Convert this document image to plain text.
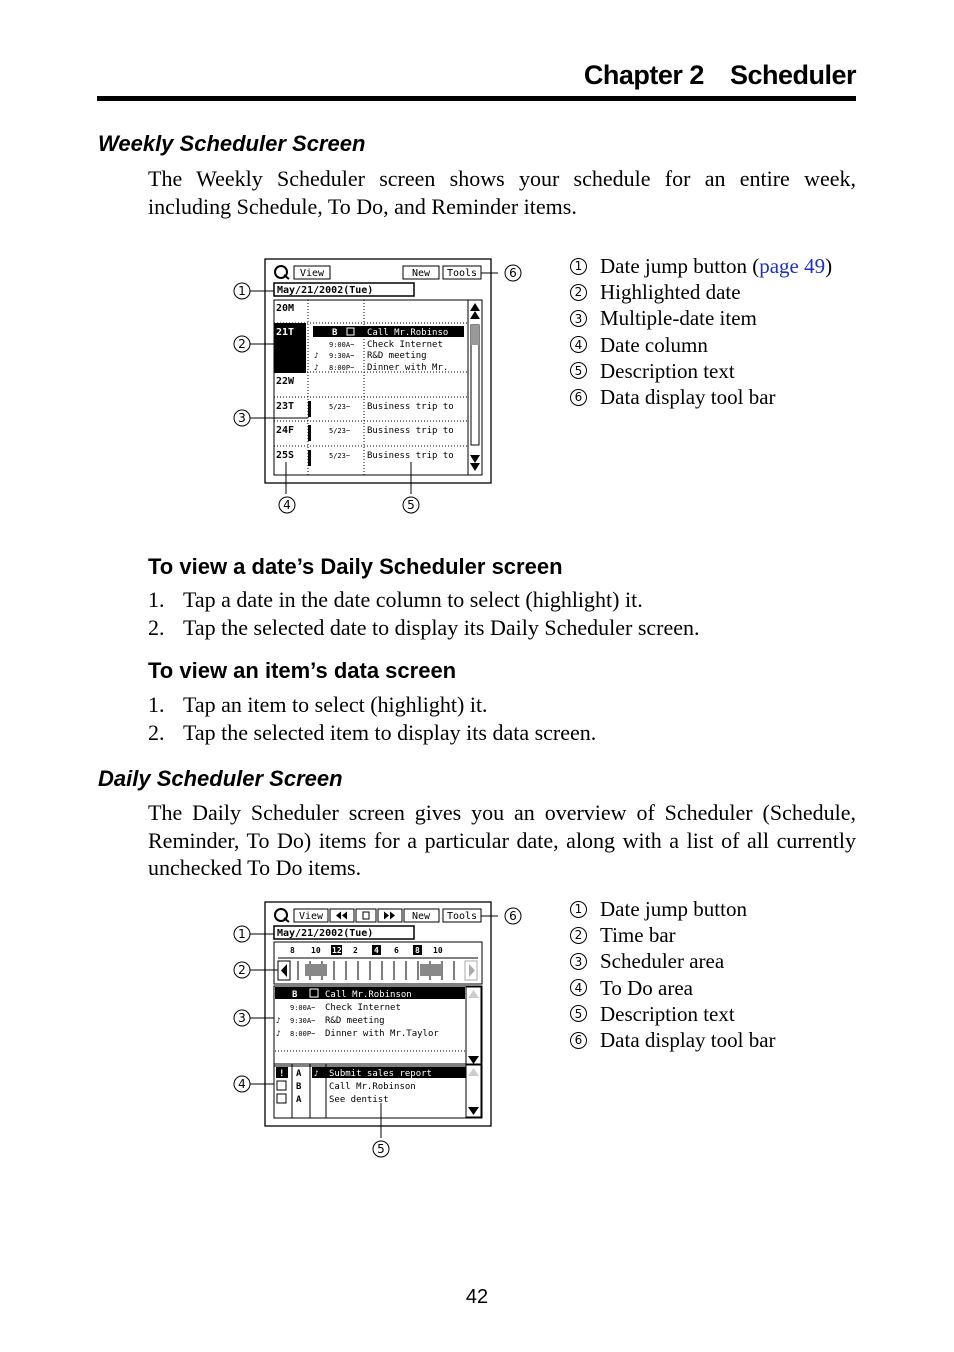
Chapter 2 Scheduler
Weekly Scheduler Screen
The Weekly Scheduler screen shows your schedule for an entire week, including Schedule, To Do, and Reminder items.
View	New Tools
May/21/2002(Tue)
20M
21T
22W
23T
24F
25S
B	Call Mr.Robinso
9:00A~ Check Internet
9:30A~ R&D meeting
8:00P~ Dinner with Mr.
5/23~ Business trip to
5/23~ Business trip to
5/23~ Business trip to
♪
♪
1
2
3
4	5
6	1 Date jump button ( page 49 )
2 Highlighted date
3 Multiple-date item
4 Date column
5 Description text
6 Data display tool bar
To view a date’s Daily Scheduler screen
1. Tap a date in the date column to select (highlight) it.
2. Tap the selected date to display its Daily Scheduler screen.
To view an item’s data screen
1. Tap an item to select (highlight) it.
2. Tap the selected item to display its data screen.
Daily Scheduler Screen
The Daily Scheduler screen gives you an overview of Scheduler (Schedule, Reminder, To Do) items for a particular date, along with a list of all currently unchecked To Do items.
View	New Tools
May/21/2002(Tue)
8 10 12 2 4 6 8 10
B	Call Mr.Robinson
9:00A~ Check Internet
9:30A~ R&D meeting
8:00P~ Dinner with Mr.Taylor
♪
♪
! A
B
A
♪ Submit sales report
Call Mr.Robinson
See dentist
1
2
3
4
5
6	1 Date jump button
2 Time bar
3 Scheduler area
4 To Do area
5 Description text
6 Data display tool bar
42
